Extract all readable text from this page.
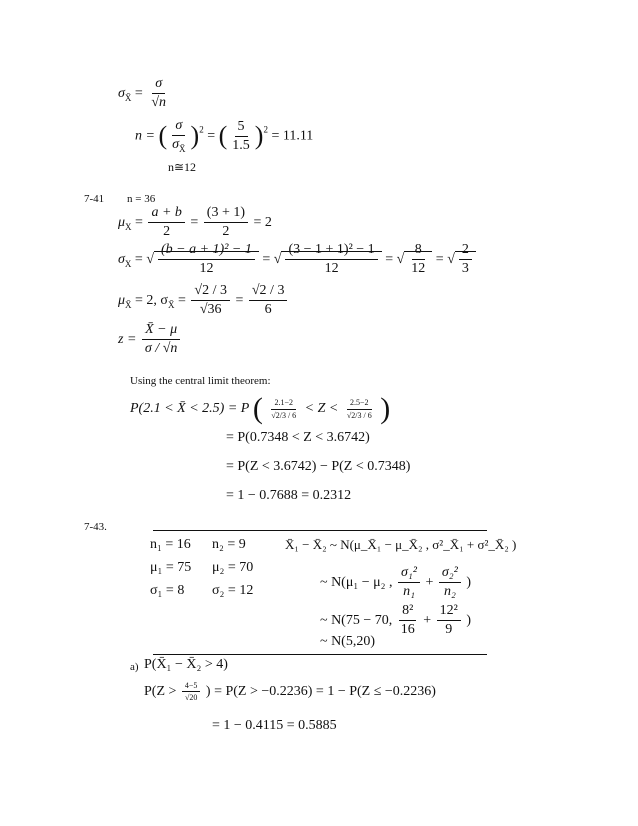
$\sigma_{X̄} = \frac{\sigma}{√n}$
n = ( $\frac{\sigma}{\sigma_{X̄}} )^2$ = ( $\frac{5}{1.5} )^2 = 11.11$
n≅12
7-41 n = 36
$\mu_X = \frac{a + b}{2} = \frac{(3 + 1)}{2} = 2$
$\sigma_X$ = √ $\frac{\text{(b − a + 1)² − 1}}{12}$ = √ $\frac{\text{(3 − 1 + 1)² − 1}}{12}$ = √ $\frac{8}{12}$ = √ $\frac{2}{3}$
$\mu_{X̄} = 2$, $\sigma_{X̄} = \frac{√2 / 3}{√36} = \frac{√2 / 3}{6}$
$z = \frac{X̄ - \mu}{\sigma / √n}$
Using the central limit theorem:
P(2.1 < X̄ < 2.5) = P ( $\frac{2.1-2}{√2/3 / 6} < Z < \frac{2.5-2}{√2/3 / 6}$ )
= P(0.7348 < Z < 3.6742)
= P(Z < 3.6742) − P(Z < 0.7348)
= 1 − 0.7688 = 0.2312
7-43.
n₁ = 16 n₂ = 9
μ₁ = 75 μ₂ = 70
σ₁ = 8 σ₂ = 12
X̄₁ − X̄₂ ~ N(μ_X̄₁ − μ_X̄₂ , σ²_X̄₁ + σ²_X̄₂ )
~ N(μ₁ − μ₂ , $\frac{\text{σ₁²}}{\text{n₁}} + \frac{\text{σ₂²}}{\text{n₂}}$ )
~ N(75 − 70, $\frac{\text{8²}}{16} + \frac{\text{12²}}{9}$ )
~ N(5,20)
a) P(X̄₁ − X̄₂ > 4)
$P(Z > \frac{4-5}{√20}$ ) = P(Z > −0.2236) = 1 − P(Z ≤ −0.2236)
= 1 − 0.4115 = 0.5885
